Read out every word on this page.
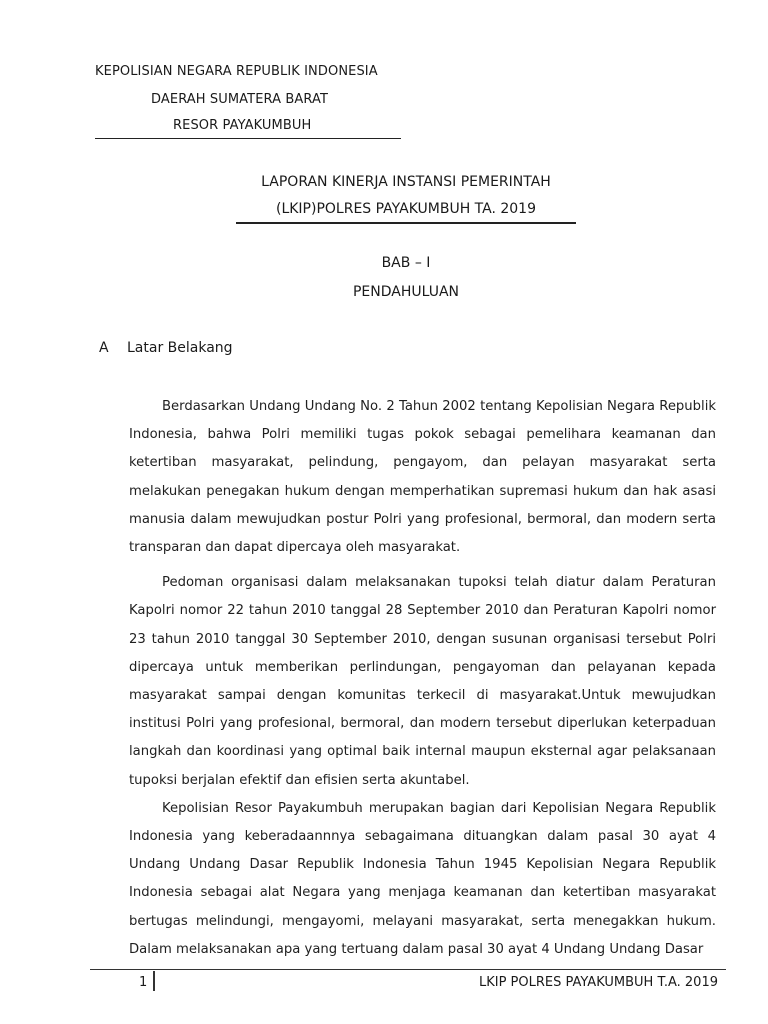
KEPOLISIAN NEGARA REPUBLIK INDONESIA
DAERAH SUMATERA BARAT
RESOR PAYAKUMBUH
LAPORAN KINERJA INSTANSI PEMERINTAH
(LKIP)POLRES PAYAKUMBUH TA. 2019
BAB – I
PENDAHULUAN
A Latar Belakang

Berdasarkan Undang Undang No. 2 Tahun 2002 tentang Kepolisian Negara Republik Indonesia, bahwa Polri memiliki tugas pokok sebagai pemelihara keamanan dan ketertiban masyarakat, pelindung, pengayom, dan pelayan masyarakat serta melakukan penegakan hukum dengan memperhatikan supremasi hukum dan hak asasi manusia dalam mewujudkan postur Polri yang profesional, bermoral, dan modern serta transparan dan dapat dipercaya oleh masyarakat.

Pedoman organisasi dalam melaksanakan tupoksi telah diatur dalam Peraturan Kapolri nomor 22 tahun 2010 tanggal 28 September 2010 dan Peraturan Kapolri nomor 23 tahun 2010 tanggal 30 September 2010, dengan susunan organisasi tersebut Polri dipercaya untuk memberikan perlindungan, pengayoman dan pelayanan kepada masyarakat sampai dengan komunitas terkecil di masyarakat.Untuk mewujudkan institusi Polri yang profesional, bermoral, dan modern tersebut diperlukan keterpaduan langkah dan koordinasi yang optimal baik internal maupun eksternal agar pelaksanaan tupoksi berjalan efektif dan efisien serta akuntabel.

Kepolisian Resor Payakumbuh merupakan bagian dari Kepolisian Negara Republik Indonesia yang keberadaannnya sebagaimana dituangkan dalam pasal 30 ayat 4 Undang Undang Dasar Republik Indonesia Tahun 1945 Kepolisian Negara Republik Indonesia sebagai alat Negara yang menjaga keamanan dan ketertiban masyarakat bertugas melindungi, mengayomi, melayani masyarakat, serta menegakkan hukum. Dalam melaksanakan apa yang tertuang dalam pasal 30 ayat 4 Undang Undang Dasar

1	LKIP POLRES PAYAKUMBUH T.A. 2019
